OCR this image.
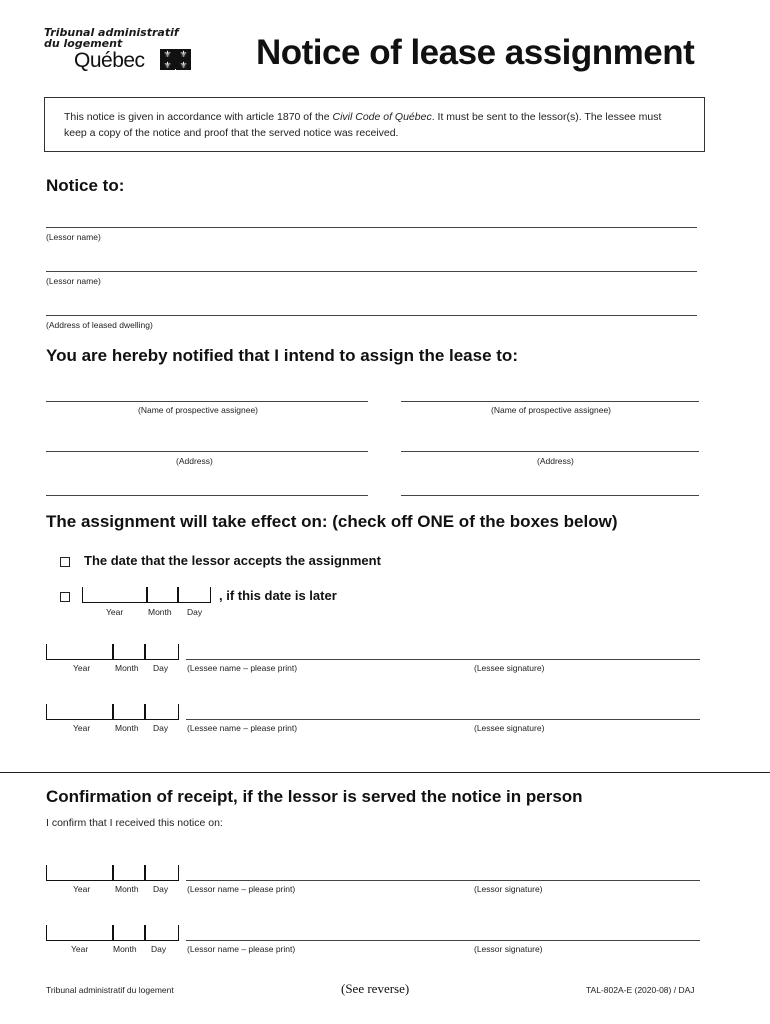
Tribunal administratif
du logement
Québec	⚜ ⚜
⚜ ⚜ Notice of lease assignment
This notice is given in accordance with article 1870 of the Civil Code of Québec. It must be sent to the lessor(s). The lessee must keep a copy of the notice and proof that the served notice was received.
Notice to:
(Lessor name)
(Lessor name)
(Address of leased dwelling)
You are hereby notified that I intend to assign the lease to:
(Name of prospective assignee)	(Name of prospective assignee)
(Address)	(Address)
The assignment will take effect on: (check off ONE of the boxes below)
The date that the lessor accepts the assignment
, if this date is later
Year	Month Day
Year	Month Day (Lessee name – please print)	(Lessee signature)
Year	Month Day (Lessee name – please print)	(Lessee signature)
Confirmation of receipt, if the lessor is served the notice in person
I confirm that I received this notice on:
Year	Month Day (Lessor name – please print)	(Lessor signature)
Year	Month Day (Lessor name – please print)	(Lessor signature)
Tribunal administratif du logement	(See reverse)	TAL-802A-E (2020-08) / DAJ
